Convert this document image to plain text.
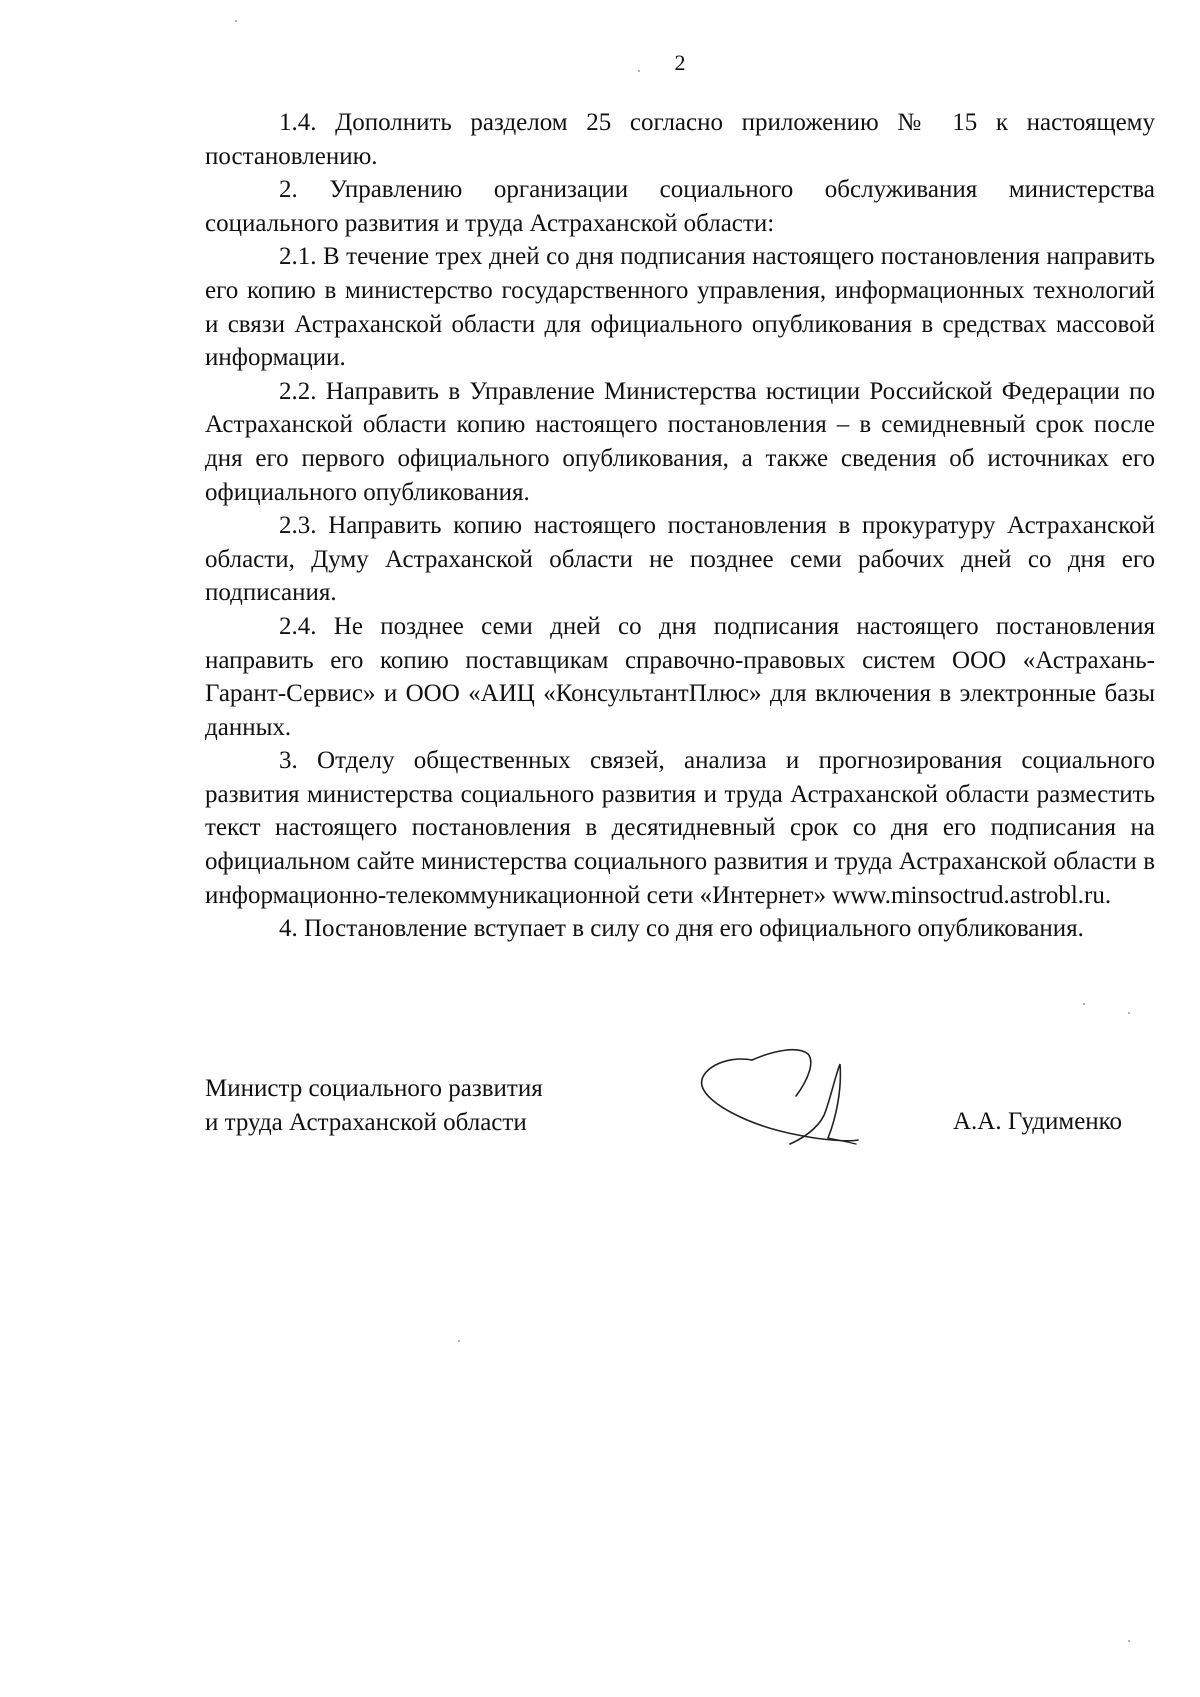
2

1.4. Дополнить разделом 25 согласно приложению № 15 к настоящему постановлению.

2. Управлению организации социального обслуживания министерства социального развития и труда Астраханской области:

2.1. В течение трех дней со дня подписания настоящего постановления направить его копию в министерство государственного управления, информационных технологий и связи Астраханской области для официального опубликования в средствах массовой информации.

2.2. Направить в Управление Министерства юстиции Российской Федерации по Астраханской области копию настоящего постановления – в семидневный срок после дня его первого официального опубликования, а также сведения об источниках его официального опубликования.

2.3. Направить копию настоящего постановления в прокуратуру Астраханской области, Думу Астраханской области не позднее семи рабочих дней со дня его подписания.

2.4. Не позднее семи дней со дня подписания настоящего постановления направить его копию поставщикам справочно-правовых систем ООО «Астрахань-Гарант-Сервис» и ООО «АИЦ «КонсультантПлюс» для включения в электронные базы данных.

3. Отделу общественных связей, анализа и прогнозирования социального развития министерства социального развития и труда Астраханской области разместить текст настоящего постановления в десятидневный срок со дня его подписания на официальном сайте министерства социального развития и труда Астраханской области в информационно-телекоммуникационной сети «Интернет» www.minsoctrud.astrobl.ru.

4. Постановление вступает в силу со дня его официального опубликования.

Министр социального развития
и труда Астраханской области	А.А. Гудименко
